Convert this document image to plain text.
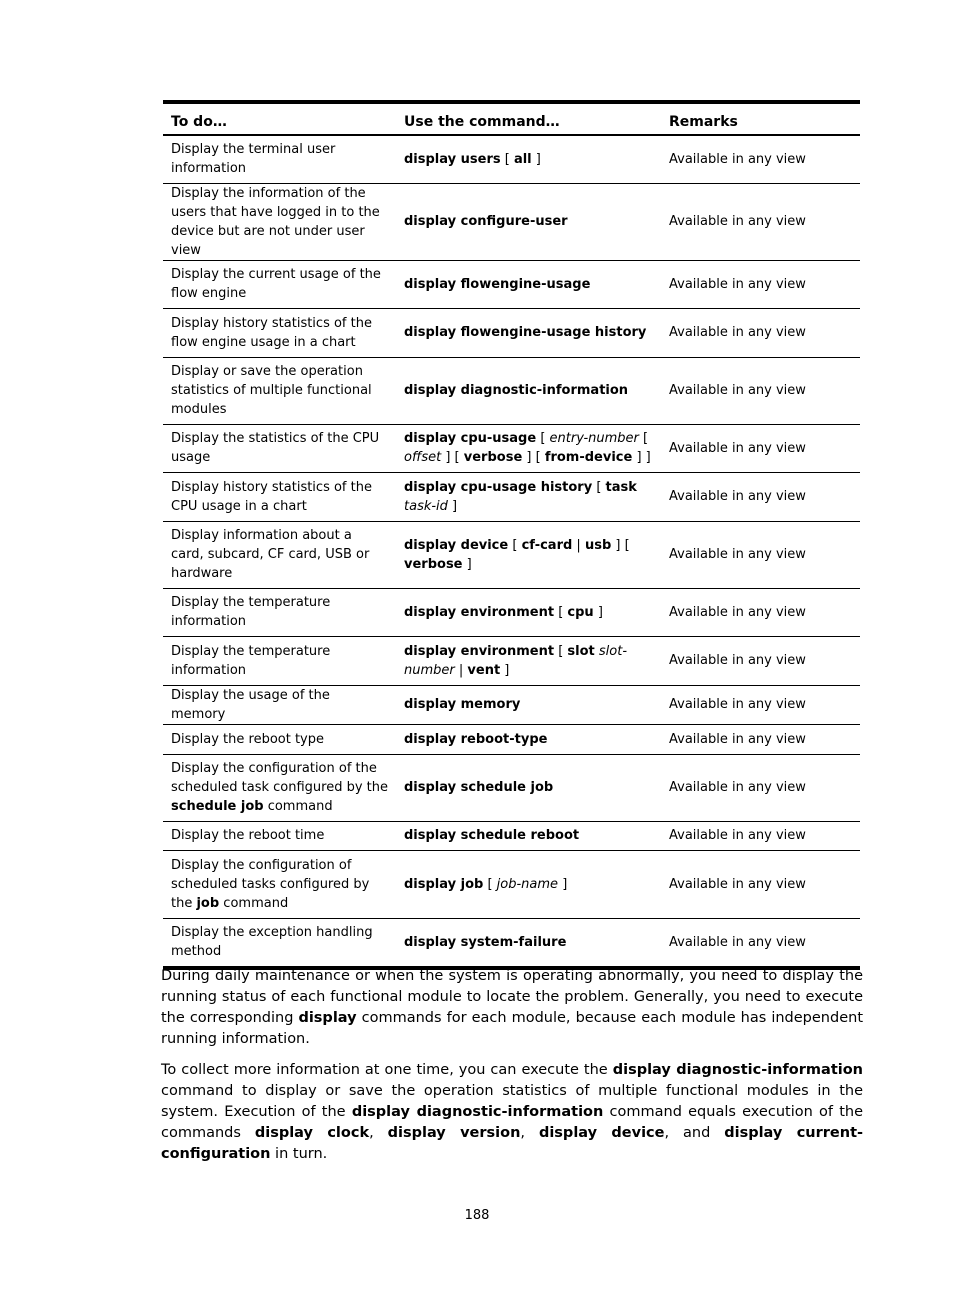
To do…	Use the command…	Remarks
Display the terminal user information	display users [ all ]	Available in any view
Display the information of the users that have logged in to the device but are not under user view	display configure-user	Available in any view
Display the current usage of the flow engine	display flowengine-usage	Available in any view
Display history statistics of the flow engine usage in a chart	display flowengine-usage history	Available in any view
Display or save the operation statistics of multiple functional modules	display diagnostic-information	Available in any view
Display the statistics of the CPU usage	display cpu-usage [ entry-number [ offset ] [ verbose ] [ from-device ] ]	Available in any view
Display history statistics of the CPU usage in a chart	display cpu-usage history [ task task-id ]	Available in any view
Display information about a card, subcard, CF card, USB or hardware	display device [ cf-card | usb ] [ verbose ]	Available in any view
Display the temperature information	display environment [ cpu ]	Available in any view
Display the temperature information	display environment [ slot slot-number | vent ]	Available in any view
Display the usage of the memory	display memory	Available in any view
Display the reboot type	display reboot-type	Available in any view
Display the configuration of the scheduled task configured by the schedule job command	display schedule job	Available in any view
Display the reboot time	display schedule reboot	Available in any view
Display the configuration of scheduled tasks configured by the job command	display job [ job-name ]	Available in any view
Display the exception handling method	display system-failure	Available in any view

During daily maintenance or when the system is operating abnormally, you need to display the running status of each functional module to locate the problem. Generally, you need to execute the corresponding display commands for each module, because each module has independent running information.

To collect more information at one time, you can execute the display diagnostic-information command to display or save the operation statistics of multiple functional modules in the system. Execution of the display diagnostic-information command equals execution of the commands display clock, display version, display device, and display current-configuration in turn.

188
